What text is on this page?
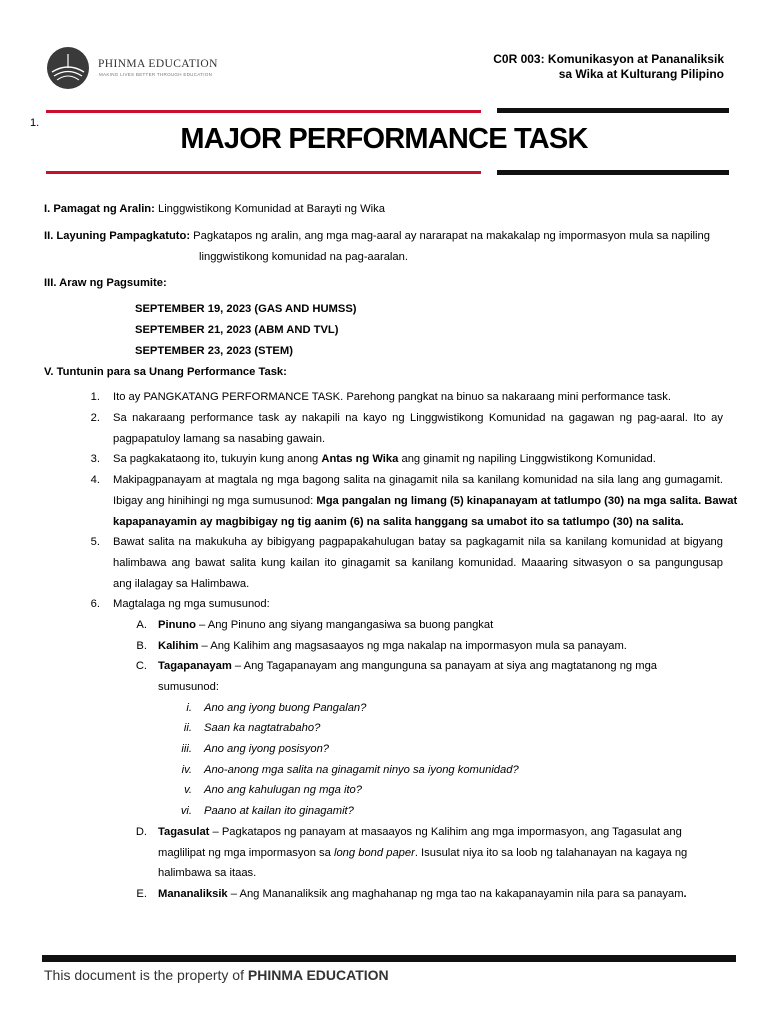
PHINMA EDUCATION
MAKING LIVES BETTER THROUGH EDUCATION
C0R 003: Komunikasyon at Pananaliksik
sa Wika at Kulturang Pilipino
1.	MAJOR PERFORMANCE TASK
I. Pamagat ng Aralin: Linggwistikong Komunidad at Barayti ng Wika
II. Layuning Pampagkatuto: Pagkatapos ng aralin, ang mga mag-aaral ay nararapat na makakalap ng impormasyon mula sa napiling
linggwistikong komunidad na pag-aaralan.
III. Araw ng Pagsumite:
SEPTEMBER 19, 2023 (GAS AND HUMSS)
SEPTEMBER 21, 2023 (ABM AND TVL)
SEPTEMBER 23, 2023 (STEM)
V. Tuntunin para sa Unang Performance Task:
1. Ito ay PANGKATANG PERFORMANCE TASK. Parehong pangkat na binuo sa nakaraang mini performance task.
2. Sa nakaraang performance task ay nakapili na kayo ng Linggwistikong Komunidad na gagawan ng pag-aaral. Ito ay
pagpapatuloy lamang sa nasabing gawain.
3. Sa pagkakataong ito, tukuyin kung anong Antas ng Wika ang ginamit ng napiling Linggwistikong Komunidad.
4. Makipagpanayam at magtala ng mga bagong salita na ginagamit nila sa kanilang komunidad na sila lang ang gumagamit.
Ibigay ang hinihingi ng mga sumusunod: Mga pangalan ng limang (5) kinapanayam at tatlumpo (30) na mga salita. Bawat
kapapanayamin ay magbibigay ng tig aanim (6) na salita hanggang sa umabot ito sa tatlumpo (30) na salita.
5. Bawat salita na makukuha ay bibigyang pagpapakahulugan batay sa pagkagamit nila sa kanilang komunidad at bigyang
halimbawa ang bawat salita kung kailan ito ginagamit sa kanilang komunidad. Maaaring sitwasyon o sa pangungusap
ang ilalagay sa Halimbawa.
6. Magtalaga ng mga sumusunod:
A. Pinuno – Ang Pinuno ang siyang mangangasiwa sa buong pangkat
B. Kalihim – Ang Kalihim ang magsasaayos ng mga nakalap na impormasyon mula sa panayam.
C. Tagapanayam – Ang Tagapanayam ang mangunguna sa panayam at siya ang magtatanong ng mga
sumusunod:
i. Ano ang iyong buong Pangalan?
ii. Saan ka nagtatrabaho?
iii. Ano ang iyong posisyon?
iv. Ano-anong mga salita na ginagamit ninyo sa iyong komunidad?
v. Ano ang kahulugan ng mga ito?
vi. Paano at kailan ito ginagamit?
D. Tagasulat – Pagkatapos ng panayam at masaayos ng Kalihim ang mga impormasyon, ang Tagasulat ang
maglilipat ng mga impormasyon sa long bond paper. Isusulat niya ito sa loob ng talahanayan na kagaya ng
halimbawa sa itaas.
E. Mananaliksik – Ang Mananaliksik ang maghahanap ng mga tao na kakapanayamin nila para sa panayam.
This document is the property of PHINMA EDUCATION
